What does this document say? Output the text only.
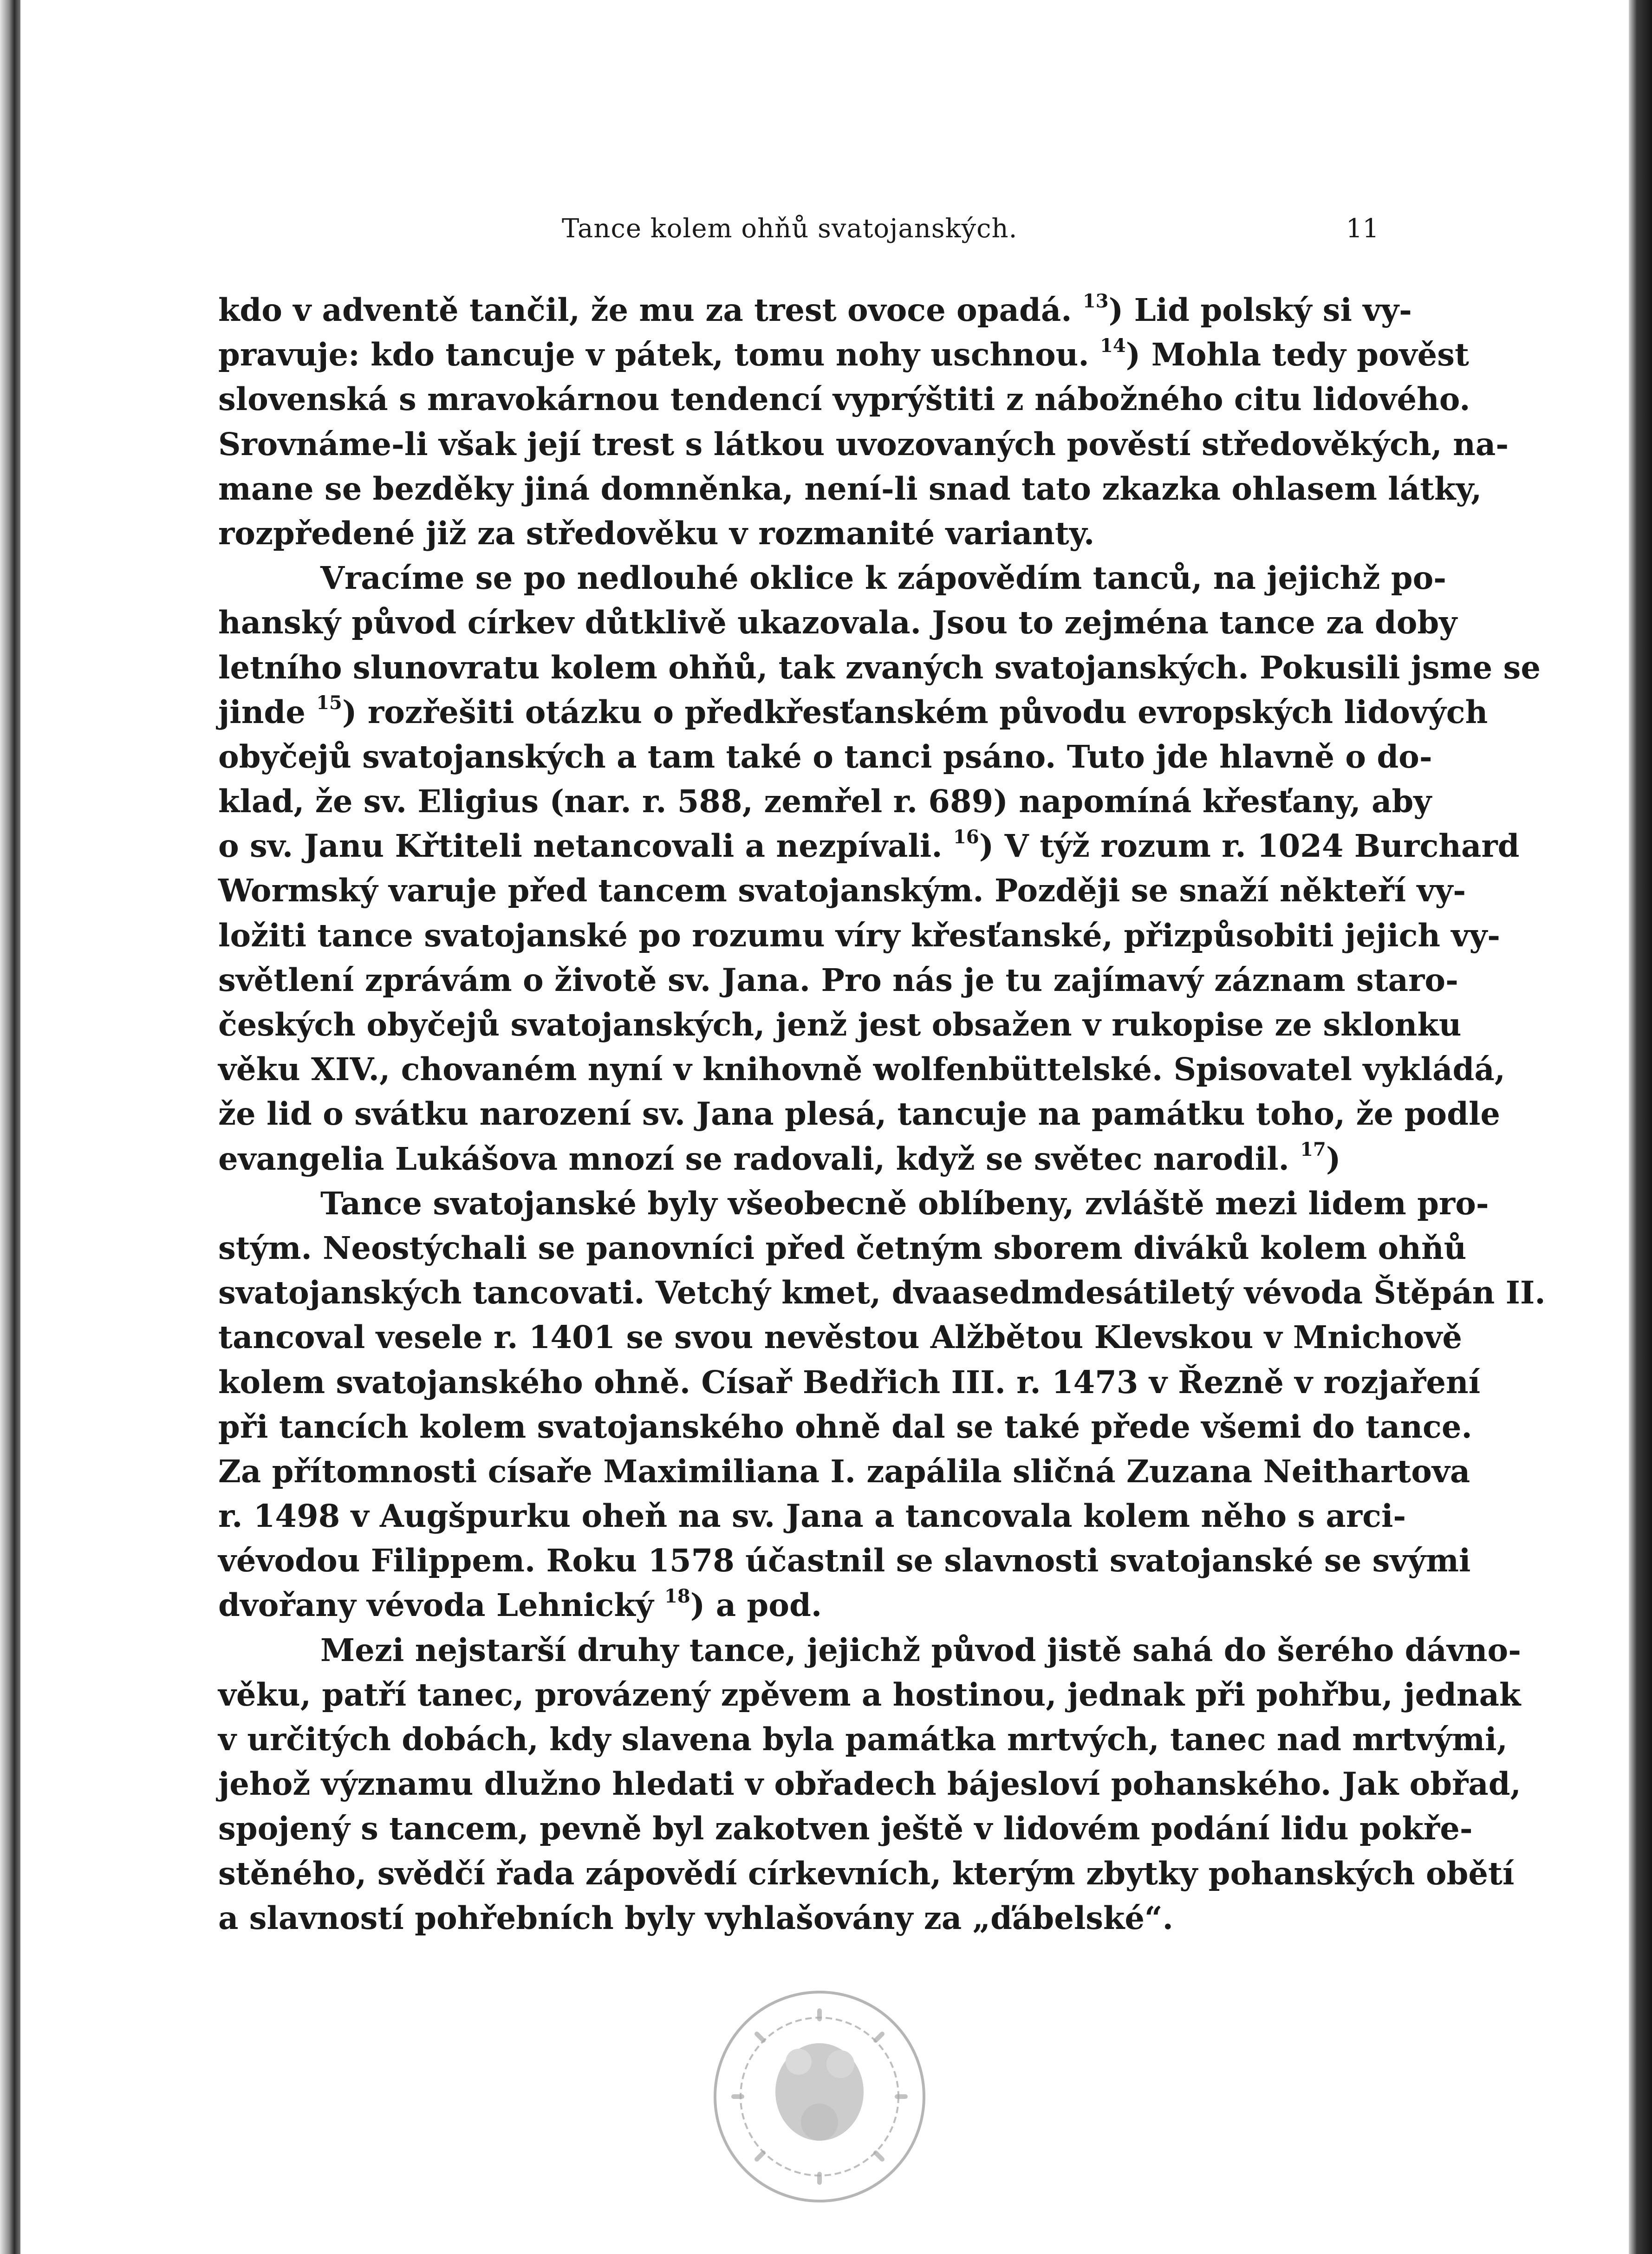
Tance kolem ohňů svatojanských.	11
kdo v adventě tančil, že mu za trest ovoce opadá. $^{13}$) Lid polský si vy-
pravuje: kdo tancuje v pátek, tomu nohy uschnou. $^{14}$) Mohla tedy pověst
slovenská s mravokárnou tendencí vyprýštiti z nábožného citu lidového.
Srovnáme-li však její trest s látkou uvozovaných pověstí středověkých, na-
mane se bezděky jiná domněnka, není-li snad tato zkazka ohlasem látky,
rozpředené již za středověku v rozmanité varianty.
Vracíme se po nedlouhé oklice k zápovědím tanců, na jejichž po-
hanský původ církev důtklivě ukazovala. Jsou to zejména tance za doby
letního slunovratu kolem ohňů, tak zvaných svatojanských. Pokusili jsme se
jinde $^{15}$) rozřešiti otázku o předkřesťanském původu evropských lidových
obyčejů svatojanských a tam také o tanci psáno. Tuto jde hlavně o do-
klad, že sv. Eligius (nar. r. 588, zemřel r. 689) napomíná křesťany, aby
o sv. Janu Křtiteli netancovali a nezpívali. $^{16}$) V týž rozum r. 1024 Burchard
Wormský varuje před tancem svatojanským. Později se snaží někteří vy-
ložiti tance svatojanské po rozumu víry křesťanské, přizpůsobiti jejich vy-
světlení zprávám o životě sv. Jana. Pro nás je tu zajímavý záznam staro-
českých obyčejů svatojanských, jenž jest obsažen v rukopise ze sklonku
věku XIV., chovaném nyní v knihovně wolfenbüttelské. Spisovatel vykládá,
že lid o svátku narození sv. Jana plesá, tancuje na památku toho, že podle
evangelia Lukášova mnozí se radovali, když se světec narodil. $^{17}$)
Tance svatojanské byly všeobecně oblíbeny, zvláště mezi lidem pro-
stým. Neostýchali se panovníci před četným sborem diváků kolem ohňů
svatojanských tancovati. Vetchý kmet, dvaasedmdesátiletý vévoda Štěpán II.
tancoval vesele r. 1401 se svou nevěstou Alžbětou Klevskou v Mnichově
kolem svatojanského ohně. Císař Bedřich III. r. 1473 v Řezně v rozjaření
při tancích kolem svatojanského ohně dal se také přede všemi do tance.
Za přítomnosti císaře Maximiliana I. zapálila sličná Zuzana Neithartova
r. 1498 v Augšpurku oheň na sv. Jana a tancovala kolem něho s arci-
vévodou Filippem. Roku 1578 účastnil se slavnosti svatojanské se svými
dvořany vévoda Lehnický $^{18}$) a pod.
Mezi nejstarší druhy tance, jejichž původ jistě sahá do šerého dávno-
věku, patří tanec, provázený zpěvem a hostinou, jednak při pohřbu, jednak
v určitých dobách, kdy slavena byla památka mrtvých, tanec nad mrtvými,
jehož významu dlužno hledati v obřadech bájesloví pohanského. Jak obřad,
spojený s tancem, pevně byl zakotven ještě v lidovém podání lidu pokře-
stěného, svědčí řada zápovědí církevních, kterým zbytky pohanských obětí
a slavností pohřebních byly vyhlašovány za „ďábelské“.
